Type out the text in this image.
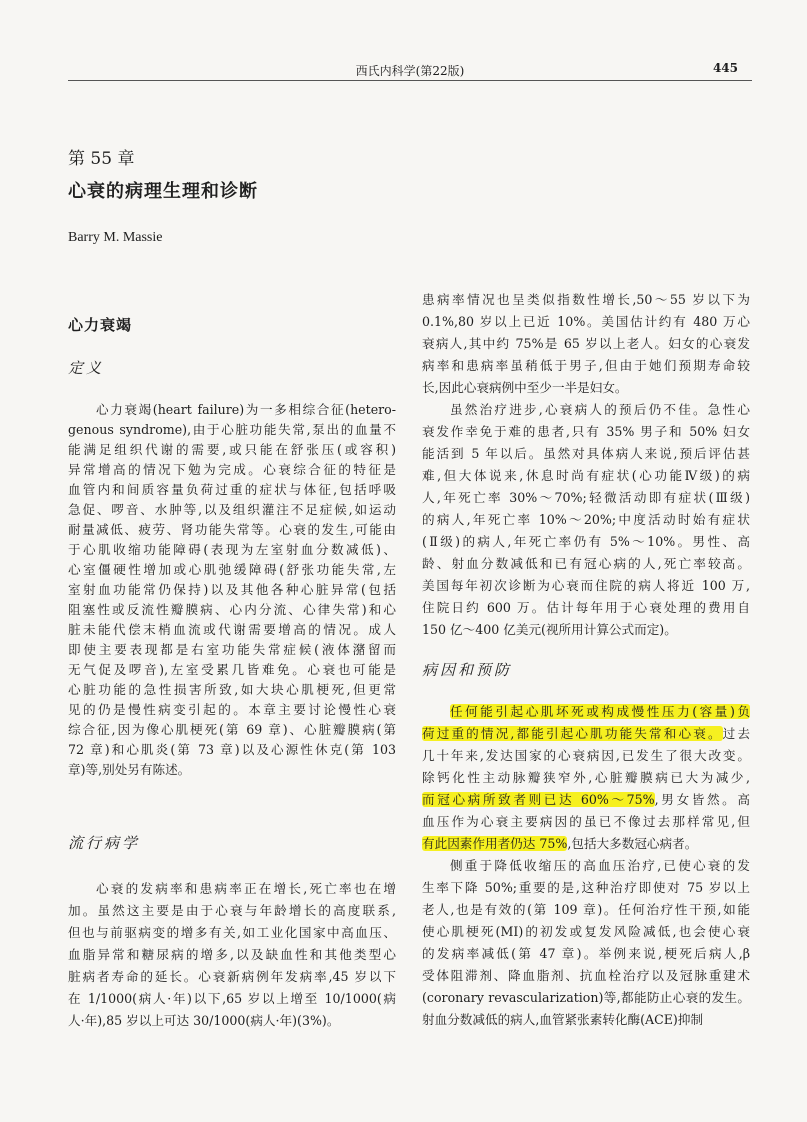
西氏内科学(第22版)	445
第 55 章
心衰的病理生理和诊断
Barry M. Massie
心力衰竭
定义
心力衰竭(heart failure)为一多相综合征(hetero-
genous syndrome),由于心脏功能失常,泵出的血量不
能满足组织代谢的需要,或只能在舒张压(或容积)
异常增高的情况下勉为完成。心衰综合征的特征是
血管内和间质容量负荷过重的症状与体征,包括呼吸
急促、啰音、水肿等,以及组织灌注不足症候,如运动
耐量减低、疲劳、肾功能失常等。心衰的发生,可能由
于心肌收缩功能障碍(表现为左室射血分数减低)、
心室僵硬性增加或心肌弛缓障碍(舒张功能失常,左
室射血功能常仍保持)以及其他各种心脏异常(包括
阻塞性或反流性瓣膜病、心内分流、心律失常)和心
脏未能代偿末梢血流或代谢需要增高的情况。成人
即使主要表现都是右室功能失常症候(液体潴留而
无气促及啰音),左室受累几皆难免。心衰也可能是
心脏功能的急性损害所致,如大块心肌梗死,但更常
见的仍是慢性病变引起的。本章主要讨论慢性心衰
综合征,因为像心肌梗死(第 69 章)、心脏瓣膜病(第
72 章)和心肌炎(第 73 章)以及心源性休克(第 103
章)等,别处另有陈述。
流行病学
心衰的发病率和患病率正在增长,死亡率也在增
加。虽然这主要是由于心衰与年龄增长的高度联系,
但也与前驱病变的增多有关,如工业化国家中高血压、
血脂异常和糖尿病的增多,以及缺血性和其他类型心
脏病者寿命的延长。心衰新病例年发病率,45 岁以下
在 1/1000(病人·年)以下,65 岁以上增至 10/1000(病
人·年),85 岁以上可达 30/1000(病人·年)(3%)。
患病率情况也呈类似指数性增长,50～55 岁以下为
0.1%,80 岁以上已近 10%。美国估计约有 480 万心
衰病人,其中约 75%是 65 岁以上老人。妇女的心衰发
病率和患病率虽稍低于男子,但由于她们预期寿命较
长,因此心衰病例中至少一半是妇女。
虽然治疗进步,心衰病人的预后仍不佳。急性心
衰发作幸免于难的患者,只有 35% 男子和 50% 妇女
能活到 5 年以后。虽然对具体病人来说,预后评估甚
难,但大体说来,休息时尚有症状(心功能Ⅳ级)的病
人,年死亡率 30%～70%;轻微活动即有症状(Ⅲ级)
的病人,年死亡率 10%～20%;中度活动时始有症状
(Ⅱ级)的病人,年死亡率仍有 5%～10%。男性、高
龄、射血分数减低和已有冠心病的人,死亡率较高。
美国每年初次诊断为心衰而住院的病人将近 100 万,
住院日约 600 万。估计每年用于心衰处理的费用自
150 亿～400 亿美元(视所用计算公式而定)。
病因和预防
任何能引起心肌坏死或构成慢性压力(容量)负
荷过重的情况,都能引起心肌功能失常和心衰。过去
几十年来,发达国家的心衰病因,已发生了很大改变。
除钙化性主动脉瓣狭窄外,心脏瓣膜病已大为减少,
而冠心病所致者则已达 60%～75%,男女皆然。高
血压作为心衰主要病因的虽已不像过去那样常见,但
有此因素作用者仍达 75%,包括大多数冠心病者。
侧重于降低收缩压的高血压治疗,已使心衰的发
生率下降 50%;重要的是,这种治疗即使对 75 岁以上
老人,也是有效的(第 109 章)。任何治疗性干预,如能
使心肌梗死(MI)的初发或复发风险减低,也会使心衰
的发病率减低(第 47 章)。举例来说,梗死后病人,β
受体阻滞剂、降血脂剂、抗血栓治疗以及冠脉重建术
(coronary revascularization)等,都能防止心衰的发生。
射血分数减低的病人,血管紧张素转化酶(ACE)抑制
